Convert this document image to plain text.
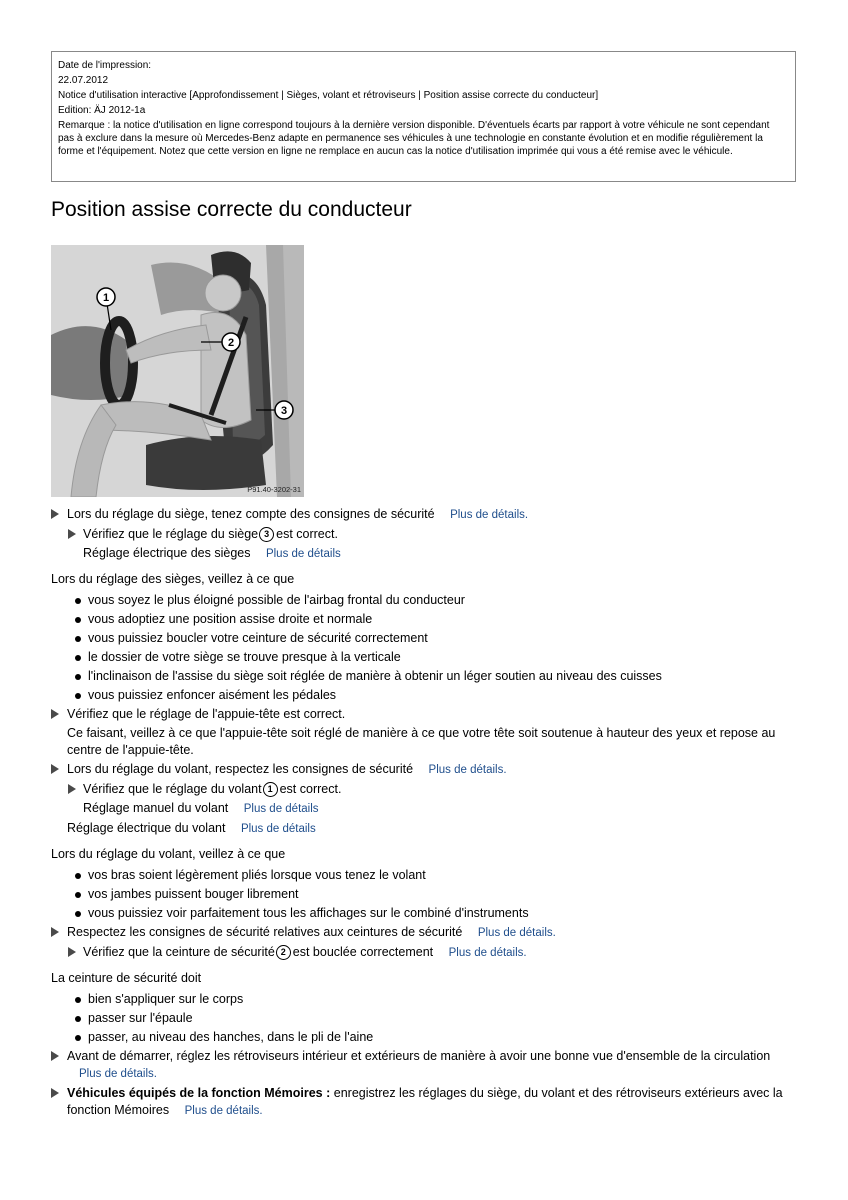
Date de l'impression:
22.07.2012
Notice d'utilisation interactive [Approfondissement | Sièges, volant et rétroviseurs | Position assise correcte du conducteur]
Edition: ÄJ 2012-1a
Remarque : la notice d'utilisation en ligne correspond toujours à la dernière version disponible. D'éventuels écarts par rapport à votre véhicule ne sont cependant pas à exclure dans la mesure où Mercedes-Benz adapte en permanence ses véhicules à une technologie en constante évolution et en modifie régulièrement la forme et l'équipement. Notez que cette version en ligne ne remplace en aucun cas la notice d'utilisation imprimée qui vous a été remise avec le véhicule.
Position assise correcte du conducteur
1
2
3
P91.40-3202-31
Lors du réglage du siège, tenez compte des consignes de sécurité Plus de détails.
Vérifiez que le réglage du siège 3 est correct.
Réglage électrique des sièges Plus de détails
Lors du réglage des sièges, veillez à ce que
vous soyez le plus éloigné possible de l'airbag frontal du conducteur
vous adoptiez une position assise droite et normale
vous puissiez boucler votre ceinture de sécurité correctement
le dossier de votre siège se trouve presque à la verticale
l'inclinaison de l'assise du siège soit réglée de manière à obtenir un léger soutien au niveau des cuisses
vous puissiez enfoncer aisément les pédales
Vérifiez que le réglage de l'appuie-tête est correct.
Ce faisant, veillez à ce que l'appuie-tête soit réglé de manière à ce que votre tête soit soutenue à hauteur des yeux et repose au centre de l'appuie-tête.
Lors du réglage du volant, respectez les consignes de sécurité Plus de détails.
Vérifiez que le réglage du volant 1 est correct.
Réglage manuel du volant Plus de détails
Réglage électrique du volant Plus de détails
Lors du réglage du volant, veillez à ce que
vos bras soient légèrement pliés lorsque vous tenez le volant
vos jambes puissent bouger librement
vous puissiez voir parfaitement tous les affichages sur le combiné d'instruments
Respectez les consignes de sécurité relatives aux ceintures de sécurité Plus de détails.
Vérifiez que la ceinture de sécurité 2 est bouclée correctement Plus de détails.
La ceinture de sécurité doit
bien s'appliquer sur le corps
passer sur l'épaule
passer, au niveau des hanches, dans le pli de l'aine
Avant de démarrer, réglez les rétroviseurs intérieur et extérieurs de manière à avoir une bonne vue d'ensemble de la circulation
Plus de détails.
Véhicules équipés de la fonction Mémoires : enregistrez les réglages du siège, du volant et des rétroviseurs extérieurs avec la fonction Mémoires Plus de détails.
